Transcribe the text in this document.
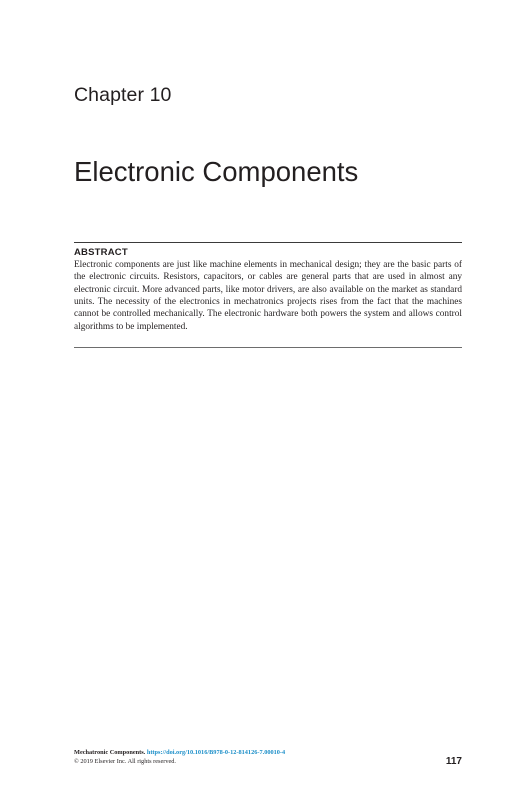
Chapter 10
Electronic Components

ABSTRACT

Electronic components are just like machine elements in mechanical design; they are the basic parts of the electronic circuits. Resistors, capacitors, or cables are general parts that are used in almost any electronic circuit. More advanced parts, like motor drivers, are also available on the market as standard units. The necessity of the electronics in mechatronics projects rises from the fact that the machines cannot be controlled mechanically. The electronic hardware both powers the system and allows control algorithms to be implemented.

Mechatronic Components. https://doi.org/10.1016/B978-0-12-814126-7.00010-4
© 2019 Elsevier Inc. All rights reserved.	117
